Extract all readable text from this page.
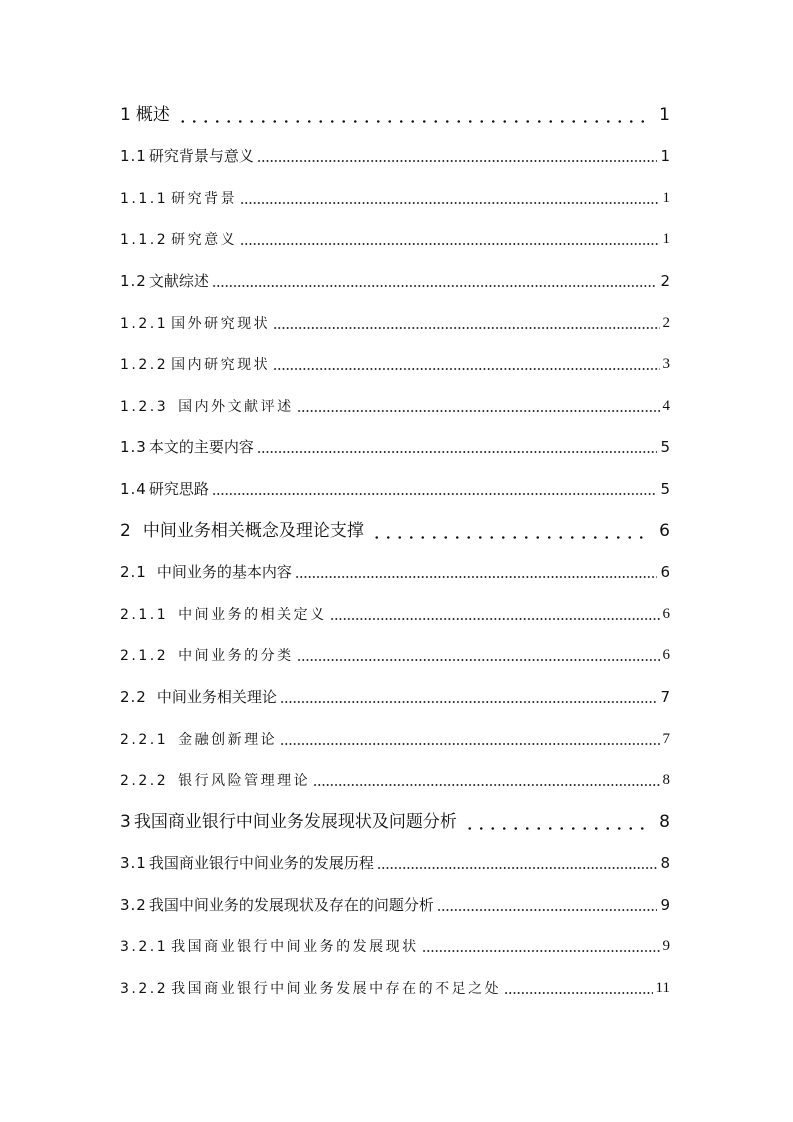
1 概述	1
1.1 研究背景与意义	1
1.1.1 研究背景	1
1.1.2 研究意义	1
1.2 文献综述	2
1.2.1 国外研究现状	2
1.2.2 国内研究现状	3
1.2.3 国内外文献评述	4
1.3 本文的主要内容	5
1.4 研究思路	5
2 中间业务相关概念及理论支撑	6
2.1 中间业务的基本内容	6
2.1.1 中间业务的相关定义	6
2.1.2 中间业务的分类	6
2.2 中间业务相关理论	7
2.2.1 金融创新理论	7
2.2.2 银行风险管理理论	8
3 我国商业银行中间业务发展现状及问题分析	8
3.1 我国商业银行中间业务的发展历程	8
3.2 我国中间业务的发展现状及存在的问题分析	9
3.2.1 我国商业银行中间业务的发展现状	9
3.2.2 我国商业银行中间业务发展中存在的不足之处	11
